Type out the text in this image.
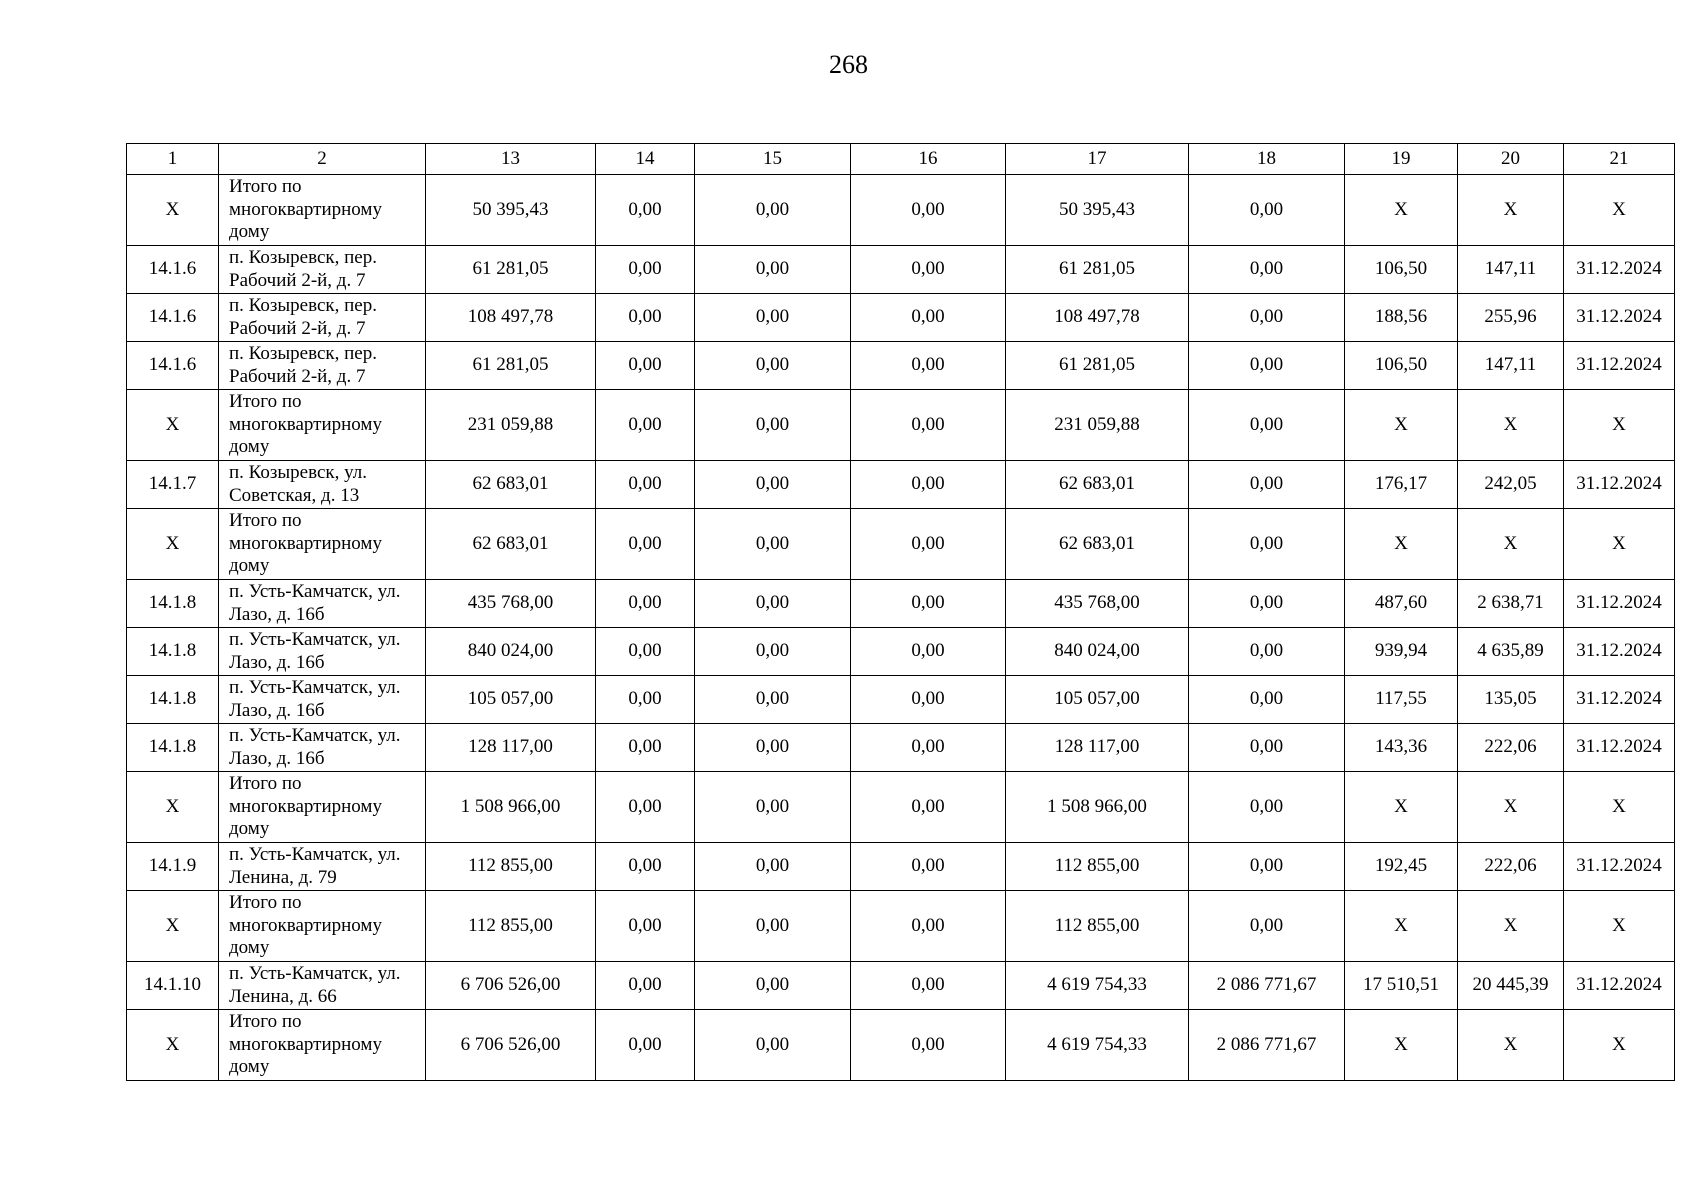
268
1	2	13	14	15	16	17	18	19	20	21
Х	Итого по многоквартирному дому	50 395,43	0,00	0,00	0,00	50 395,43	0,00	Х	Х	Х
14.1.6	п. Козыревск, пер. Рабочий 2-й, д. 7	61 281,05	0,00	0,00	0,00	61 281,05	0,00	106,50	147,11	31.12.2024
14.1.6	п. Козыревск, пер. Рабочий 2-й, д. 7	108 497,78	0,00	0,00	0,00	108 497,78	0,00	188,56	255,96	31.12.2024
14.1.6	п. Козыревск, пер. Рабочий 2-й, д. 7	61 281,05	0,00	0,00	0,00	61 281,05	0,00	106,50	147,11	31.12.2024
Х	Итого по многоквартирному дому	231 059,88	0,00	0,00	0,00	231 059,88	0,00	Х	Х	Х
14.1.7	п. Козыревск, ул. Советская, д. 13	62 683,01	0,00	0,00	0,00	62 683,01	0,00	176,17	242,05	31.12.2024
Х	Итого по многоквартирному дому	62 683,01	0,00	0,00	0,00	62 683,01	0,00	Х	Х	Х
14.1.8	п. Усть-Камчатск, ул. Лазо, д. 16б	435 768,00	0,00	0,00	0,00	435 768,00	0,00	487,60	2 638,71	31.12.2024
14.1.8	п. Усть-Камчатск, ул. Лазо, д. 16б	840 024,00	0,00	0,00	0,00	840 024,00	0,00	939,94	4 635,89	31.12.2024
14.1.8	п. Усть-Камчатск, ул. Лазо, д. 16б	105 057,00	0,00	0,00	0,00	105 057,00	0,00	117,55	135,05	31.12.2024
14.1.8	п. Усть-Камчатск, ул. Лазо, д. 16б	128 117,00	0,00	0,00	0,00	128 117,00	0,00	143,36	222,06	31.12.2024
Х	Итого по многоквартирному дому	1 508 966,00	0,00	0,00	0,00	1 508 966,00	0,00	Х	Х	Х
14.1.9	п. Усть-Камчатск, ул. Ленина, д. 79	112 855,00	0,00	0,00	0,00	112 855,00	0,00	192,45	222,06	31.12.2024
Х	Итого по многоквартирному дому	112 855,00	0,00	0,00	0,00	112 855,00	0,00	Х	Х	Х
14.1.10	п. Усть-Камчатск, ул. Ленина, д. 66	6 706 526,00	0,00	0,00	0,00	4 619 754,33	2 086 771,67	17 510,51	20 445,39	31.12.2024
Х	Итого по многоквартирному дому	6 706 526,00	0,00	0,00	0,00	4 619 754,33	2 086 771,67	Х	Х	Х
